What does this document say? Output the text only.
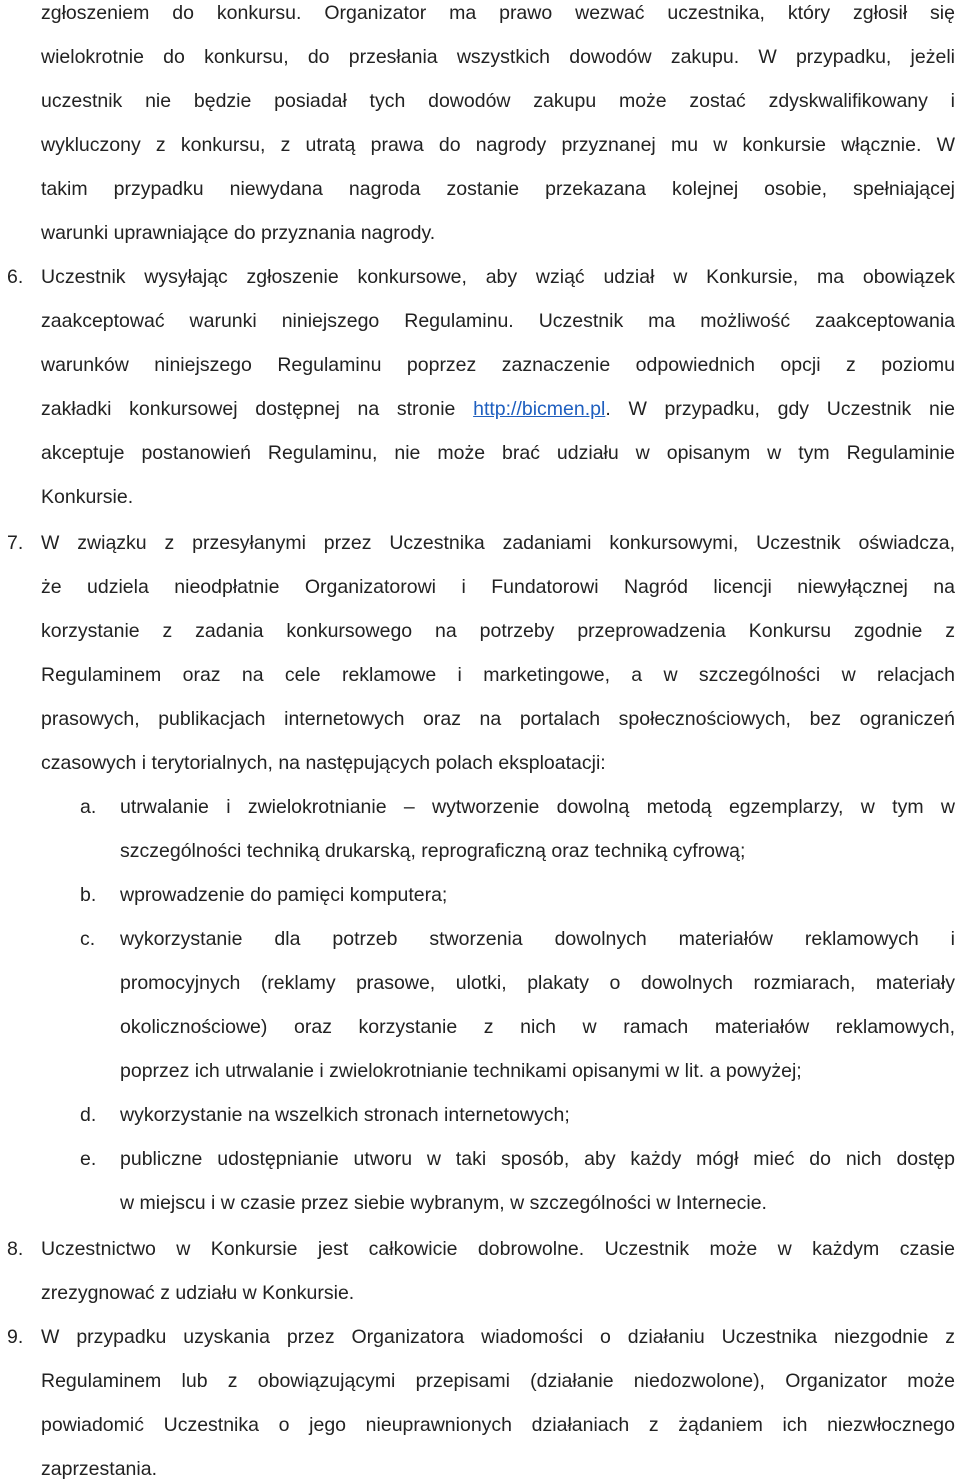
zgłoszeniem do konkursu. Organizator ma prawo wezwać uczestnika, który zgłosił się
wielokrotnie do konkursu, do przesłania wszystkich dowodów zakupu. W przypadku, jeżeli
uczestnik nie będzie posiadał tych dowodów zakupu może zostać zdyskwalifikowany i
wykluczony z konkursu, z utratą prawa do nagrody przyznanej mu w konkursie włącznie. W
takim przypadku niewydana nagroda zostanie przekazana kolejnej osobie, spełniającej
warunki uprawniające do przyznania nagrody.
6. Uczestnik wysyłając zgłoszenie konkursowe, aby wziąć udział w Konkursie, ma obowiązek
zaakceptować warunki niniejszego Regulaminu. Uczestnik ma możliwość zaakceptowania
warunków niniejszego Regulaminu poprzez zaznaczenie odpowiednich opcji z poziomu
zakładki konkursowej dostępnej na stronie http://bicmen.pl. W przypadku, gdy Uczestnik nie
akceptuje postanowień Regulaminu, nie może brać udziału w opisanym w tym Regulaminie
Konkursie.
7. W związku z przesyłanymi przez Uczestnika zadaniami konkursowymi, Uczestnik oświadcza,
że udziela nieodpłatnie Organizatorowi i Fundatorowi Nagród licencji niewyłącznej na
korzystanie z zadania konkursowego na potrzeby przeprowadzenia Konkursu zgodnie z
Regulaminem oraz na cele reklamowe i marketingowe, a w szczególności w relacjach
prasowych, publikacjach internetowych oraz na portalach społecznościowych, bez ograniczeń
czasowych i terytorialnych, na następujących polach eksploatacji:
a. utrwalanie i zwielokrotnianie – wytworzenie dowolną metodą egzemplarzy, w tym w
szczególności techniką drukarską, reprograficzną oraz techniką cyfrową;
b. wprowadzenie do pamięci komputera;
c. wykorzystanie dla potrzeb stworzenia dowolnych materiałów reklamowych i
promocyjnych (reklamy prasowe, ulotki, plakaty o dowolnych rozmiarach, materiały
okolicznościowe) oraz korzystanie z nich w ramach materiałów reklamowych,
poprzez ich utrwalanie i zwielokrotnianie technikami opisanymi w lit. a powyżej;
d. wykorzystanie na wszelkich stronach internetowych;
e. publiczne udostępnianie utworu w taki sposób, aby każdy mógł mieć do nich dostęp
w miejscu i w czasie przez siebie wybranym, w szczególności w Internecie.
8. Uczestnictwo w Konkursie jest całkowicie dobrowolne. Uczestnik może w każdym czasie
zrezygnować z udziału w Konkursie.
9. W przypadku uzyskania przez Organizatora wiadomości o działaniu Uczestnika niezgodnie z
Regulaminem lub z obowiązującymi przepisami (działanie niedozwolone), Organizator może
powiadomić Uczestnika o jego nieuprawnionych działaniach z żądaniem ich niezwłocznego
zaprzestania.
